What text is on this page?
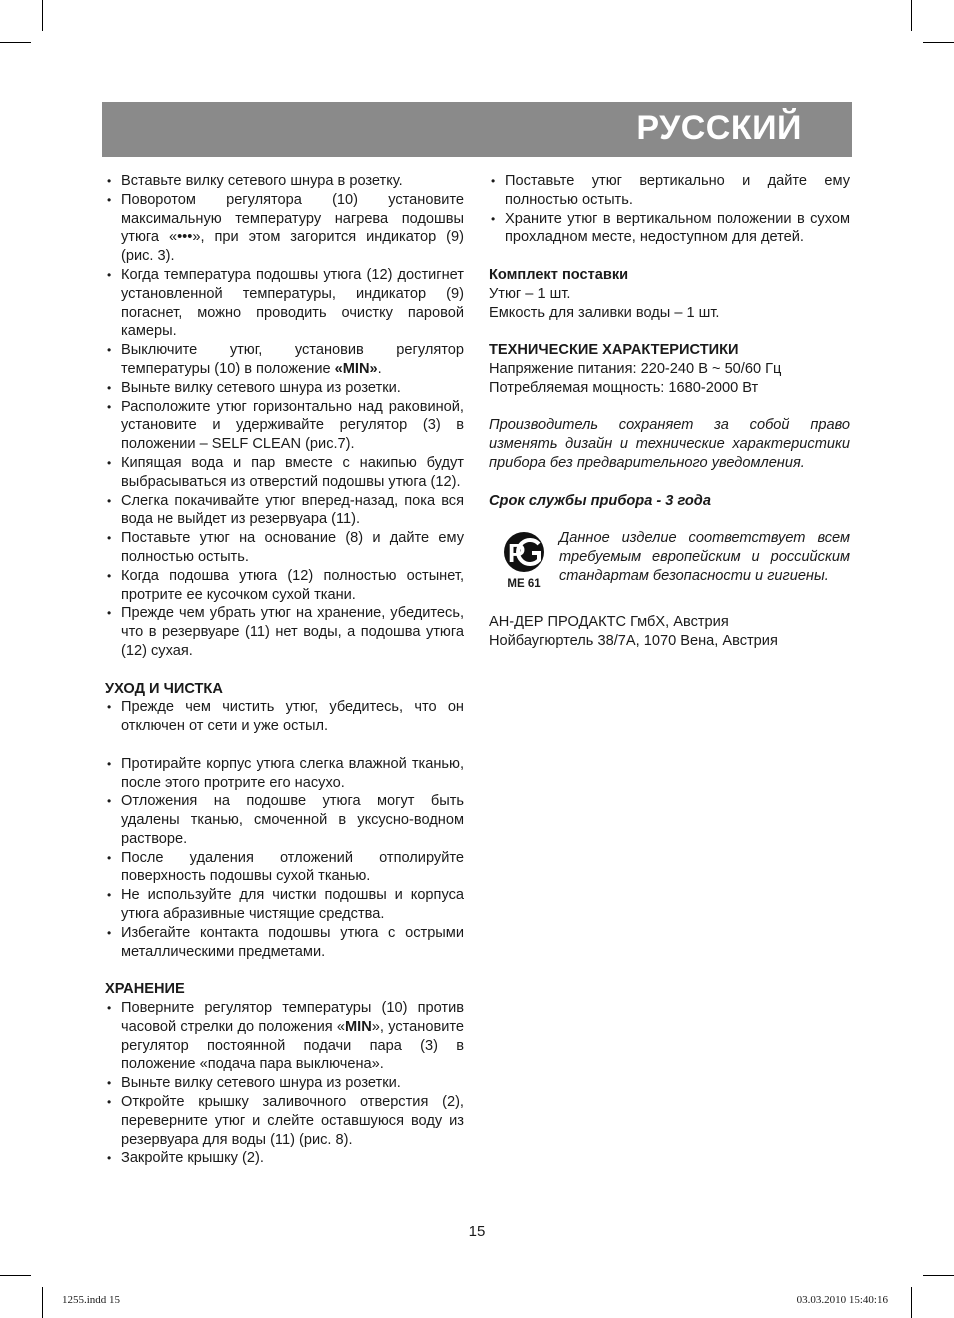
РУССКИЙ
• Вставьте вилку сетевого шнура в розетку.
• Поворотом регулятора (10) установите максимальную температуру нагрева подошвы утюга «•••», при этом загорится индикатор (9) (рис. 3).
• Когда температура подошвы утюга (12) достигнет установленной температуры, индикатор (9) погаснет, можно проводить очистку паровой камеры.
• Выключите утюг, установив регулятор температуры (10) в положение «MIN».
• Выньте вилку сетевого шнура из розетки.
• Расположите утюг горизонтально над раковиной, установите и удерживайте регулятор (3) в положении – SELF CLEAN (рис.7).
• Кипящая вода и пар вместе с накипью будут выбрасываться из отверстий подошвы утюга (12).
• Слегка покачивайте утюг вперед-назад, пока вся вода не выйдет из резервуара (11).
• Поставьте утюг на основание (8) и дайте ему полностью остыть.
• Когда подошва утюга (12) полностью остынет, протрите ее кусочком сухой ткани.
• Прежде чем убрать утюг на хранение, убедитесь, что в резервуаре (11) нет воды, а подошва утюга (12) сухая.
УХОД И ЧИСТКА
• Прежде чем чистить утюг, убедитесь, что он отключен от сети и уже остыл.
• Протирайте корпус утюга слегка влажной тканью, после этого протрите его насухо.
• Отложения на подошве утюга могут быть удалены тканью, смоченной в уксусно-водном растворе.
• После удаления отложений отполируйте поверхность подошвы сухой тканью.
• Не используйте для чистки подошвы и корпуса утюга абразивные чистящие средства.
• Избегайте контакта подошвы утюга с острыми металлическими предметами.
ХРАНЕНИЕ
• Поверните регулятор температуры (10) против часовой стрелки до положения «MIN», установите регулятор постоянной подачи пара (3) в положение «подача пара выключена».
• Выньте вилку сетевого шнура из розетки.
• Откройте крышку заливочного отверстия (2), переверните утюг и слейте оставшуюся воду из резервуара для воды (11) (рис. 8).
• Закройте крышку (2).
• Поставьте утюг вертикально и дайте ему полностью остыть.
• Храните утюг в вертикальном положении в сухом прохладном месте, недоступном для детей.
Комплект поставки
Утюг – 1 шт.
Емкость для заливки воды – 1 шт.
ТЕХНИЧЕСКИЕ ХАРАКТЕРИСТИКИ
Напряжение питания: 220-240 В ~ 50/60 Гц
Потребляемая мощность: 1680-2000 Вт
Производитель сохраняет за собой право изменять дизайн и технические характеристики прибора без предварительного уведомления.
Срок службы прибора - 3 года
Р
ME 61
Данное изделие соответствует всем требуемым европейским и российским стандартам безопасности и гигиены.
АН-ДЕР ПРОДАКТС ГмбХ, Австрия
Нойбаугюртель 38/7А, 1070 Вена, Австрия
15
1255.indd 15	03.03.2010 15:40:16
